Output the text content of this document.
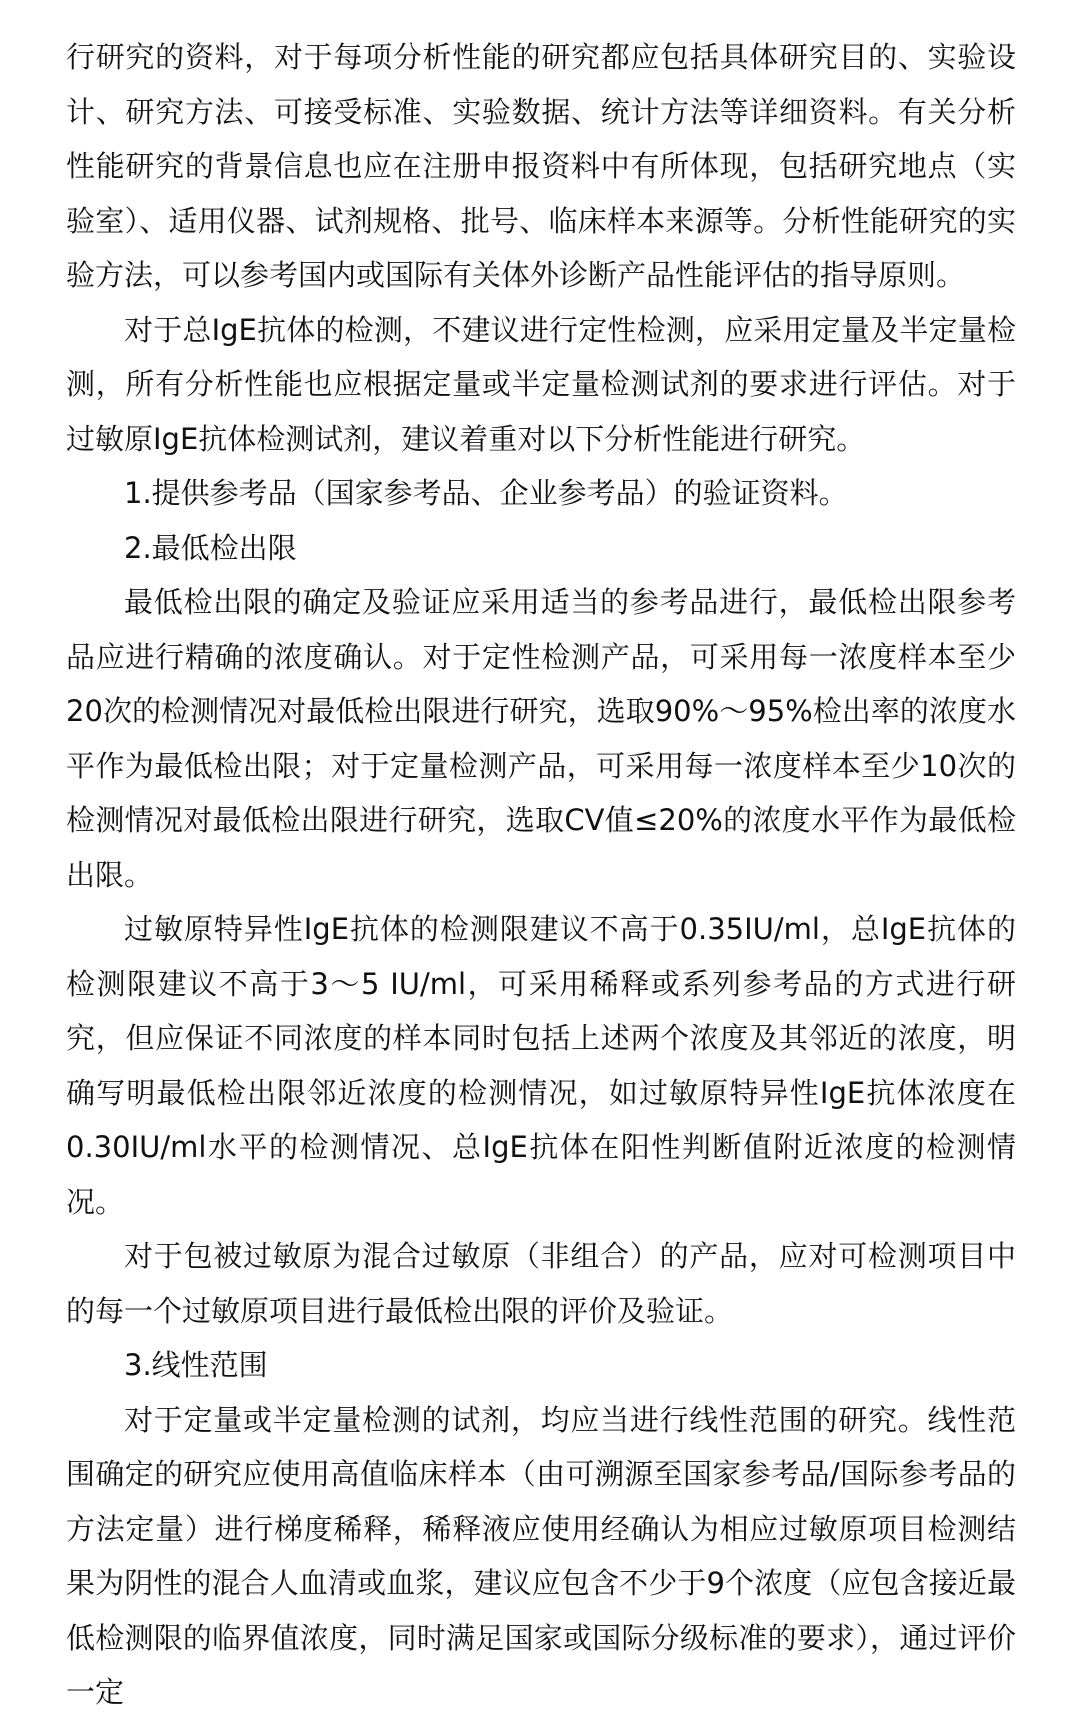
行研究的资料，对于每项分析性能的研究都应包括具体研究目的、实验设计、研究方法、可接受标准、实验数据、统计方法等详细资料。有关分析性能研究的背景信息也应在注册申报资料中有所体现，包括研究地点（实验室）、适用仪器、试剂规格、批号、临床样本来源等。分析性能研究的实验方法，可以参考国内或国际有关体外诊断产品性能评估的指导原则。

对于总IgE抗体的检测，不建议进行定性检测，应采用定量及半定量检测，所有分析性能也应根据定量或半定量检测试剂的要求进行评估。对于过敏原IgE抗体检测试剂，建议着重对以下分析性能进行研究。

1.提供参考品（国家参考品、企业参考品）的验证资料。

2.最低检出限

最低检出限的确定及验证应采用适当的参考品进行，最低检出限参考品应进行精确的浓度确认。对于定性检测产品，可采用每一浓度样本至少20次的检测情况对最低检出限进行研究，选取90%～95%检出率的浓度水平作为最低检出限；对于定量检测产品，可采用每一浓度样本至少10次的检测情况对最低检出限进行研究，选取CV值≤20%的浓度水平作为最低检出限。

过敏原特异性IgE抗体的检测限建议不高于0.35IU/ml，总IgE抗体的检测限建议不高于3～5 IU/ml，可采用稀释或系列参考品的方式进行研究，但应保证不同浓度的样本同时包括上述两个浓度及其邻近的浓度，明确写明最低检出限邻近浓度的检测情况，如过敏原特异性IgE抗体浓度在0.30IU/ml水平的检测情况、总IgE抗体在阳性判断值附近浓度的检测情况。

对于包被过敏原为混合过敏原（非组合）的产品，应对可检测项目中的每一个过敏原项目进行最低检出限的评价及验证。

3.线性范围

对于定量或半定量检测的试剂，均应当进行线性范围的研究。线性范围确定的研究应使用高值临床样本（由可溯源至国家参考品/国际参考品的方法定量）进行梯度稀释，稀释液应使用经确认为相应过敏原项目检测结果为阴性的混合人血清或血浆，建议应包含不少于9个浓度（应包含接近最低检测限的临界值浓度，同时满足国家或国际分级标准的要求），通过评价一定
